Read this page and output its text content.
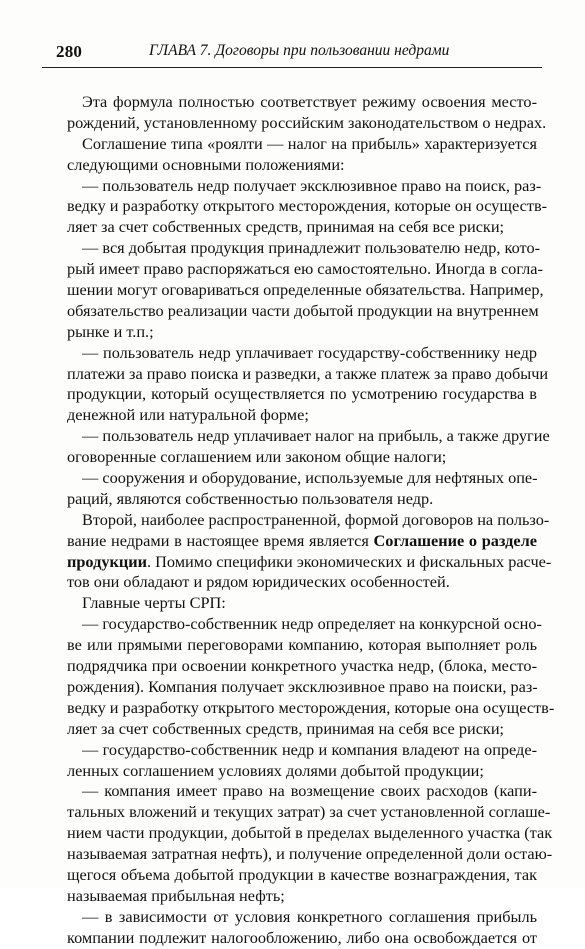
280	ГЛАВА 7. Договоры при пользовании недрами
Эта формула полностью соответствует режиму освоения место-
рождений, установленному российским законодательством о недрах.
Соглашение типа «роялти — налог на прибыль» характеризуется
следующими основными положениями:
— пользователь недр получает эксклюзивное право на поиск, раз-
ведку и разработку открытого месторождения, которые он осуществ-
ляет за счет собственных средств, принимая на себя все риски;
— вся добытая продукция принадлежит пользователю недр, кото-
рый имеет право распоряжаться ею самостоятельно. Иногда в согла-
шении могут оговариваться определенные обязательства. Например,
обязательство реализации части добытой продукции на внутреннем
рынке и т.п.;
— пользователь недр уплачивает государству-собственнику недр
платежи за право поиска и разведки, а также платеж за право добычи
продукции, который осуществляется по усмотрению государства в
денежной или натуральной форме;
— пользователь недр уплачивает налог на прибыль, а также другие
оговоренные соглашением или законом общие налоги;
— сооружения и оборудование, используемые для нефтяных опе-
раций, являются собственностью пользователя недр.
Второй, наиболее распространенной, формой договоров на пользо-
вание недрами в настоящее время является Соглашение о разделе
продукции. Помимо специфики экономических и фискальных расче-
тов они обладают и рядом юридических особенностей.
Главные черты СРП:
— государство-собственник недр определяет на конкурсной осно-
ве или прямыми переговорами компанию, которая выполняет роль
подрядчика при освоении конкретного участка недр, (блока, место-
рождения). Компания получает эксклюзивное право на поиски, раз-
ведку и разработку открытого месторождения, которые она осуществ-
ляет за счет собственных средств, принимая на себя все риски;
— государство-собственник недр и компания владеют на опреде-
ленных соглашением условиях долями добытой продукции;
— компания имеет право на возмещение своих расходов (капи-
тальных вложений и текущих затрат) за счет установленной соглаше-
нием части продукции, добытой в пределах выделенного участка (так
называемая затратная нефть), и получение определенной доли остаю-
щегося объема добытой продукции в качестве вознаграждения, так
называемая прибыльная нефть;
— в зависимости от условия конкретного соглашения прибыль
компании подлежит налогообложению, либо она освобождается от
